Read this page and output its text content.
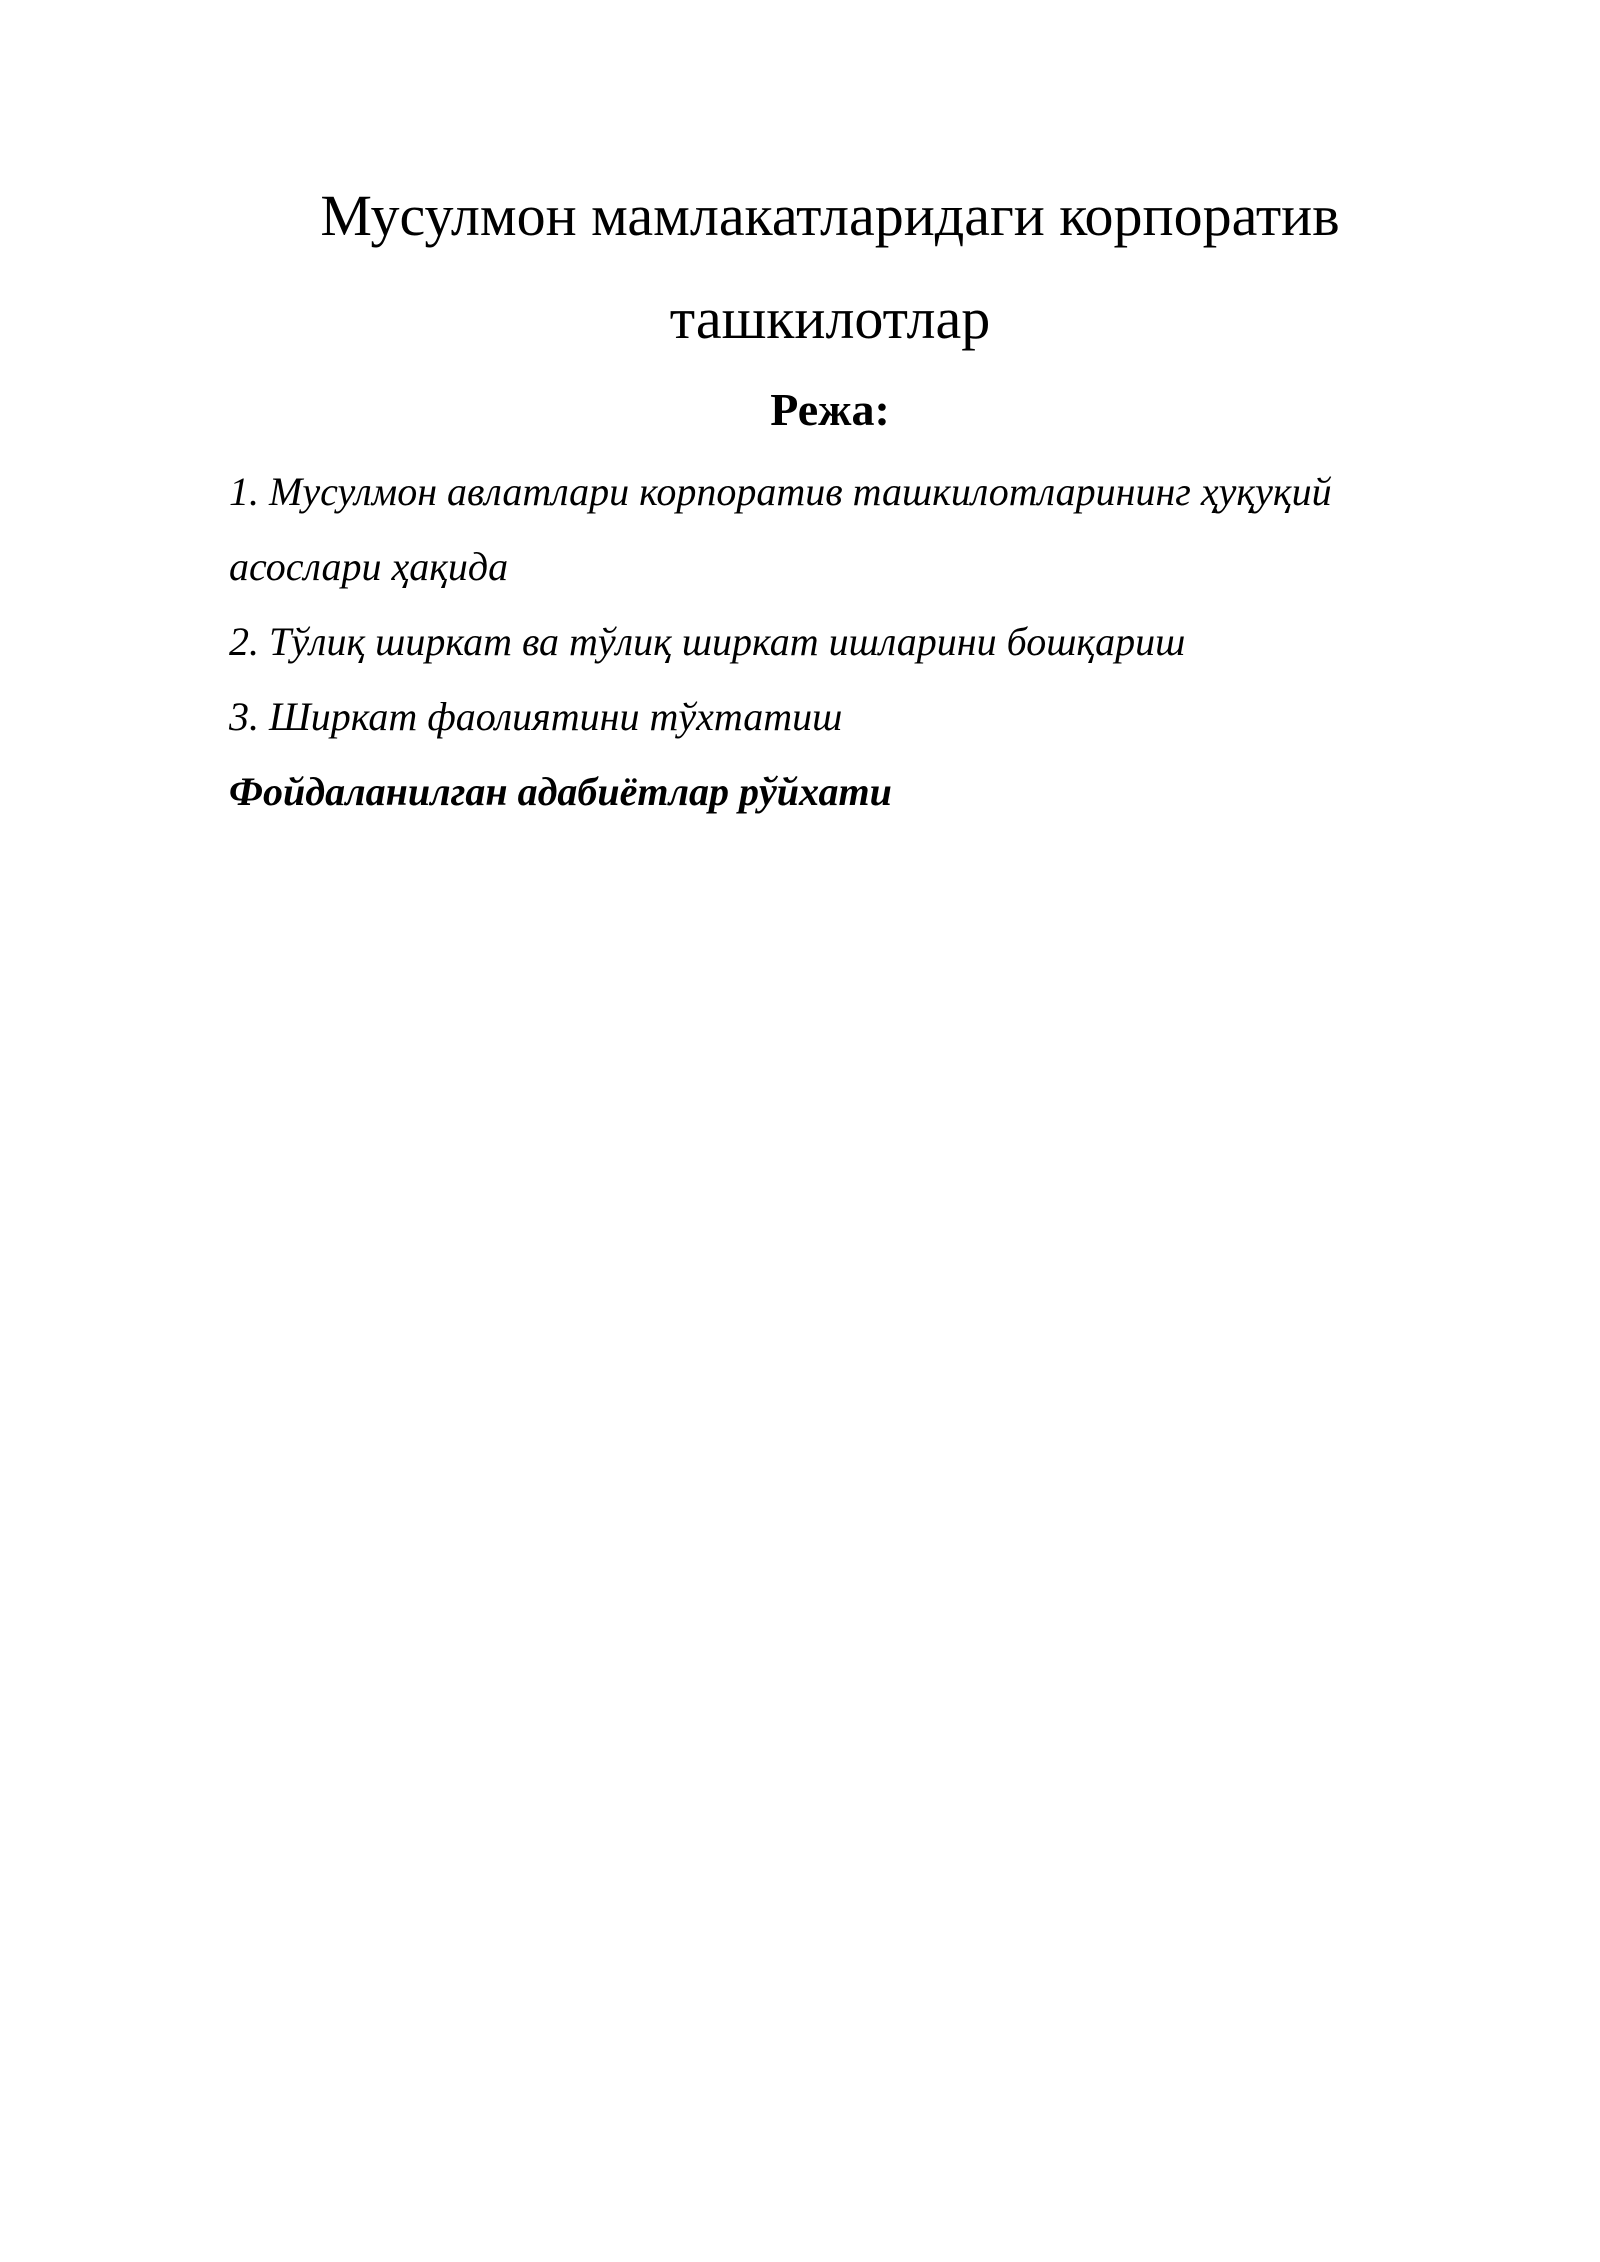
Мусулмон мамлакатларидаги корпоратив
ташкилотлар
Режа:
1. Мусулмон авлатлари корпоратив ташкилотларининг ҳуқуқий
асослари ҳақида
2. Тўлиқ ширкат ва тўлиқ ширкат ишларини бошқариш
3. Ширкат фаолиятини тўхтатиш
Фойдаланилган адабиётлар рўйхати
